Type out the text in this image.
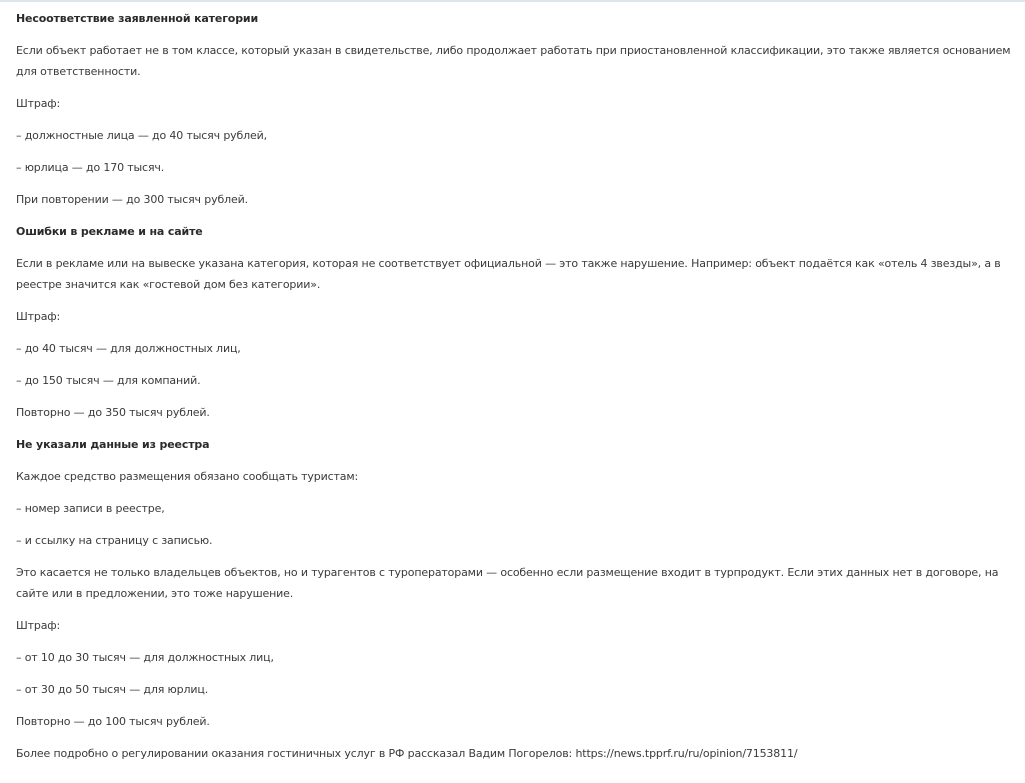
Несоответствие заявленной категории

Если объект работает не в том классе, который указан в свидетельстве, либо продолжает работать при приостановленной классификации, это также является основанием для ответственности.

Штраф:

– должностные лица — до 40 тысяч рублей,

– юрлица — до 170 тысяч.

При повторении — до 300 тысяч рублей.

Ошибки в рекламе и на сайте

Если в рекламе или на вывеске указана категория, которая не соответствует официальной — это также нарушение. Например: объект подаётся как «отель 4 звезды», а в реестре значится как «гостевой дом без категории».

Штраф:

– до 40 тысяч — для должностных лиц,

– до 150 тысяч — для компаний.

Повторно — до 350 тысяч рублей.

Не указали данные из реестра

Каждое средство размещения обязано сообщать туристам:

– номер записи в реестре,

– и ссылку на страницу с записью.

Это касается не только владельцев объектов, но и турагентов с туроператорами — особенно если размещение входит в турпродукт. Если этих данных нет в договоре, на сайте или в предложении, это тоже нарушение.

Штраф:

– от 10 до 30 тысяч — для должностных лиц,

– от 30 до 50 тысяч — для юрлиц.

Повторно — до 100 тысяч рублей.

Более подробно о регулировании оказания гостиничных услуг в РФ рассказал Вадим Погорелов: https://news.tpprf.ru/ru/opinion/7153811/
